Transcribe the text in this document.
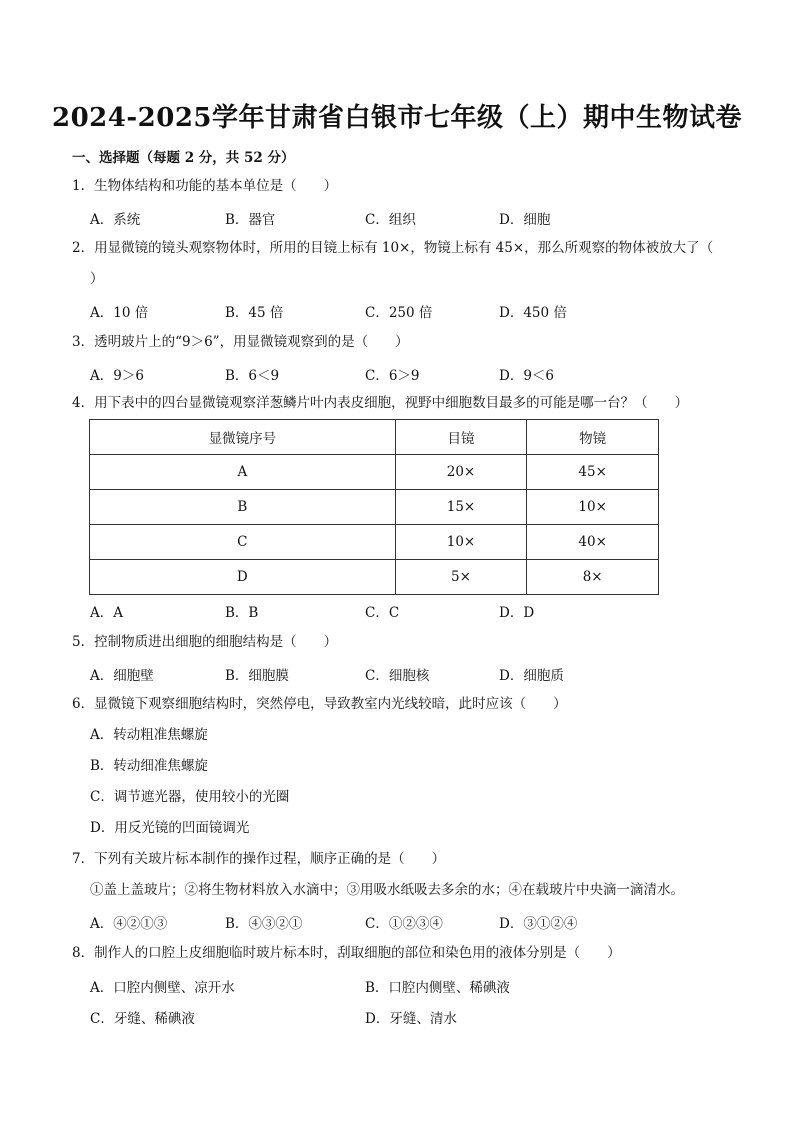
2024-2025学年甘肃省白银市七年级（上）期中生物试卷
一、选择题（每题 2 分，共 52 分）
1．生物体结构和功能的基本单位是（　　）
A．系统	B．器官	C．组织	D．细胞
2．用显微镜的镜头观察物体时，所用的目镜上标有 10×，物镜上标有 45×，那么所观察的物体被放大了（
）
A．10 倍	B．45 倍	C．250 倍	D．450 倍
3．透明玻片上的“9＞6”，用显微镜观察到的是（　　）
A．9＞6	B．6＜9	C．6＞9	D．9＜6
4．用下表中的四台显微镜观察洋葱鳞片叶内表皮细胞，视野中细胞数目最多的可能是哪一台？（　　）
显微镜序号	目镜	物镜
A	20×	45×
B	15×	10×
C	10×	40×
D	5×	8×
A．A	B．B	C．C	D．D
5．控制物质进出细胞的细胞结构是（　　）
A．细胞壁	B．细胞膜	C．细胞核	D．细胞质
6．显微镜下观察细胞结构时，突然停电，导致教室内光线较暗，此时应该（　　）
A．转动粗准焦螺旋
B．转动细准焦螺旋
C．调节遮光器，使用较小的光圈
D．用反光镜的凹面镜调光
7．下列有关玻片标本制作的操作过程，顺序正确的是（　　）
①盖上盖玻片；②将生物材料放入水滴中；③用吸水纸吸去多余的水；④在载玻片中央滴一滴清水。
A．④②①③	B．④③②①	C．①②③④	D．③①②④
8．制作人的口腔上皮细胞临时玻片标本时，刮取细胞的部位和染色用的液体分别是（　　）
A．口腔内侧壁、凉开水	B．口腔内侧壁、稀碘液
C．牙缝、稀碘液	D．牙缝、清水
